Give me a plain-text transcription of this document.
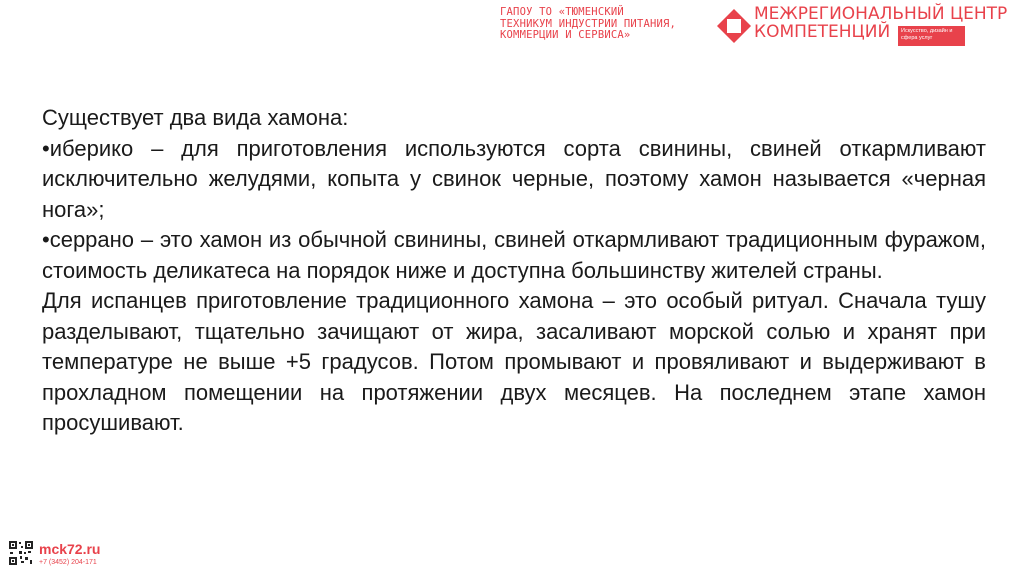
ГАПОУ ТО «ТЮМЕНСКИЙ
ТЕХНИКУМ ИНДУСТРИИ ПИТАНИЯ,
КОММЕРЦИИ И СЕРВИСА»
МЕЖРЕГИОНАЛЬНЫЙ ЦЕНТР
КОМПЕТЕНЦИЙ	Искусство, дизайн и сфера услуг

Существует два вида хамона:

•иберико – для приготовления используются сорта свинины, свиней откармливают исключительно желудями, копыта у свинок черные, поэтому хамон называется «черная нога»;

•серрано – это хамон из обычной свинины, свиней откармливают традиционным фуражом, стоимость деликатеса на порядок ниже и доступна большинству жителей страны.

Для испанцев приготовление традиционного хамона – это особый ритуал. Сначала тушу разделывают, тщательно зачищают от жира, засаливают морской солью и хранят при температуре не выше +5 градусов. Потом промывают и провяливают и выдерживают в прохладном помещении на протяжении двух месяцев. На последнем этапе хамон просушивают.

mck72.ru
+7 (3452) 204-171
